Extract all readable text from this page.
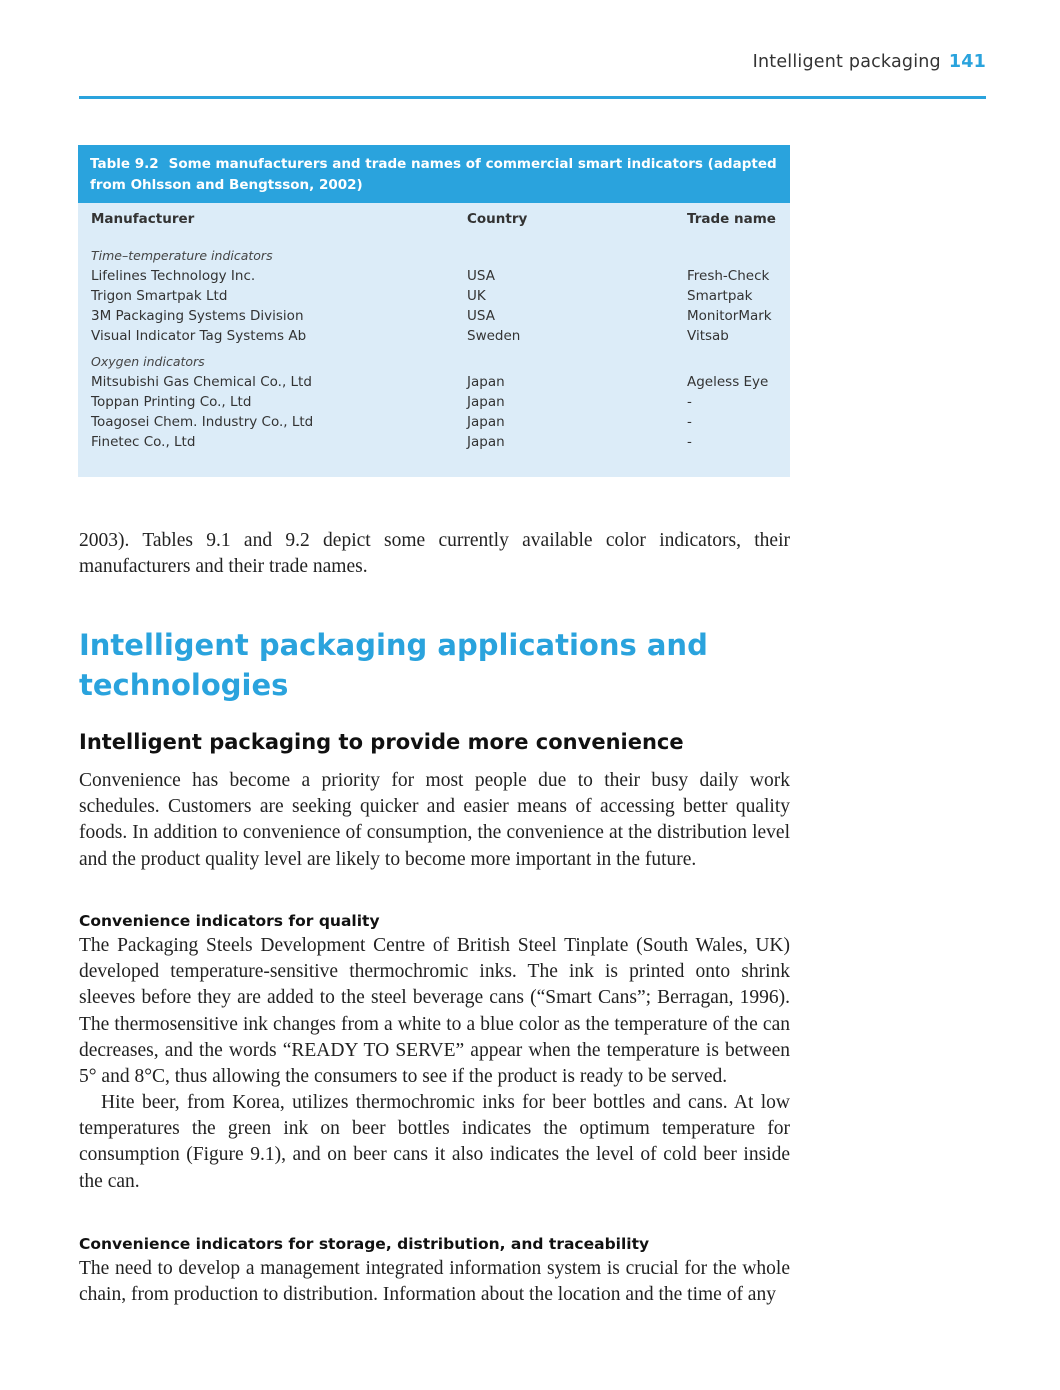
Intelligent packaging 141
Table 9.2 Some manufacturers and trade names of commercial smart indicators (adapted from Ohlsson and Bengtsson, 2002)
Manufacturer	Country	Trade name
Time–temperature indicators
Lifelines Technology Inc.	USA	Fresh-Check
Trigon Smartpak Ltd	UK	Smartpak
3M Packaging Systems Division	USA	MonitorMark
Visual Indicator Tag Systems Ab	Sweden	Vitsab
Oxygen indicators
Mitsubishi Gas Chemical Co., Ltd	Japan	Ageless Eye
Toppan Printing Co., Ltd	Japan	-
Toagosei Chem. Industry Co., Ltd	Japan	-
Finetec Co., Ltd	Japan	-

2003). Tables 9.1 and 9.2 depict some currently available color indicators, their manufacturers and their trade names.

Intelligent packaging applications and technologies
Intelligent packaging to provide more convenience

Convenience has become a priority for most people due to their busy daily work schedules. Customers are seeking quicker and easier means of accessing better quality foods. In addition to convenience of consumption, the convenience at the distribution level and the product quality level are likely to become more important in the future.

Convenience indicators for quality

The Packaging Steels Development Centre of British Steel Tinplate (South Wales, UK) developed temperature-sensitive thermochromic inks. The ink is printed onto shrink sleeves before they are added to the steel beverage cans (“Smart Cans”; Berragan, 1996). The thermosensitive ink changes from a white to a blue color as the temperature of the can decreases, and the words “READY TO SERVE” appear when the temperature is between 5° and 8°C, thus allowing the consumers to see if the product is ready to be served.

Hite beer, from Korea, utilizes thermochromic inks for beer bottles and cans. At low temperatures the green ink on beer bottles indicates the optimum temperature for consumption (Figure 9.1), and on beer cans it also indicates the level of cold beer inside the can.

Convenience indicators for storage, distribution, and traceability

The need to develop a management integrated information system is crucial for the whole chain, from production to distribution. Information about the location and the time of any
